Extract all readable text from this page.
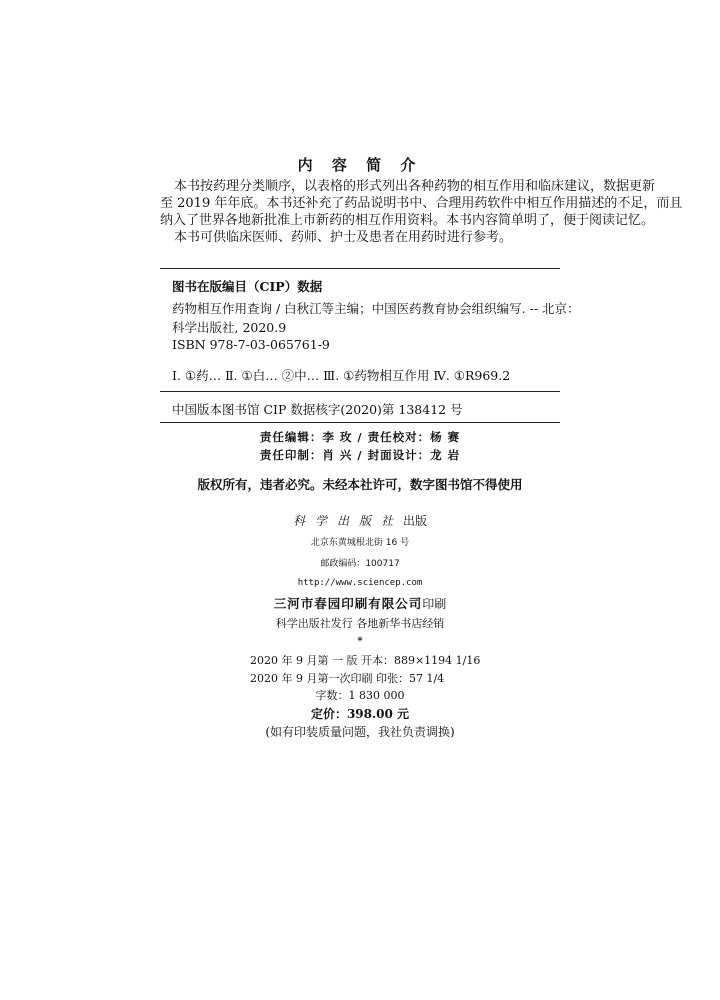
内 容 简 介
本书按药理分类顺序，以表格的形式列出各种药物的相互作用和临床建议，数据更新
至 2019 年年底。本书还补充了药品说明书中、合理用药软件中相互作用描述的不足，而且
纳入了世界各地新批准上市新药的相互作用资料。本书内容简单明了，便于阅读记忆。
本书可供临床医师、药师、护士及患者在用药时进行参考。
图书在版编目（CIP）数据
药物相互作用查询 / 白秋江等主编；中国医药教育协会组织编写. -- 北京：
科学出版社, 2020.9
ISBN 978-7-03-065761-9
Ⅰ. ①药… Ⅱ. ①白… ②中… Ⅲ. ①药物相互作用 Ⅳ. ①R969.2
中国版本图书馆 CIP 数据核字(2020)第 138412 号
责任编辑：李 玫 / 责任校对：杨 赛
责任印制：肖 兴 / 封面设计：龙 岩
版权所有，违者必究。未经本社许可，数字图书馆不得使用
科学出版社出版
北京东黄城根北街 16 号
邮政编码：100717
http://www.sciencep.com
三河市春园印刷有限公司印刷
科学出版社发行 各地新华书店经销
*
2020 年 9 月第 一 版 开本：889×1194 1/16
2020 年 9 月第一次印刷 印张：57 1/4
字数：1 830 000
定价：398.00 元
(如有印装质量问题，我社负责调换)
